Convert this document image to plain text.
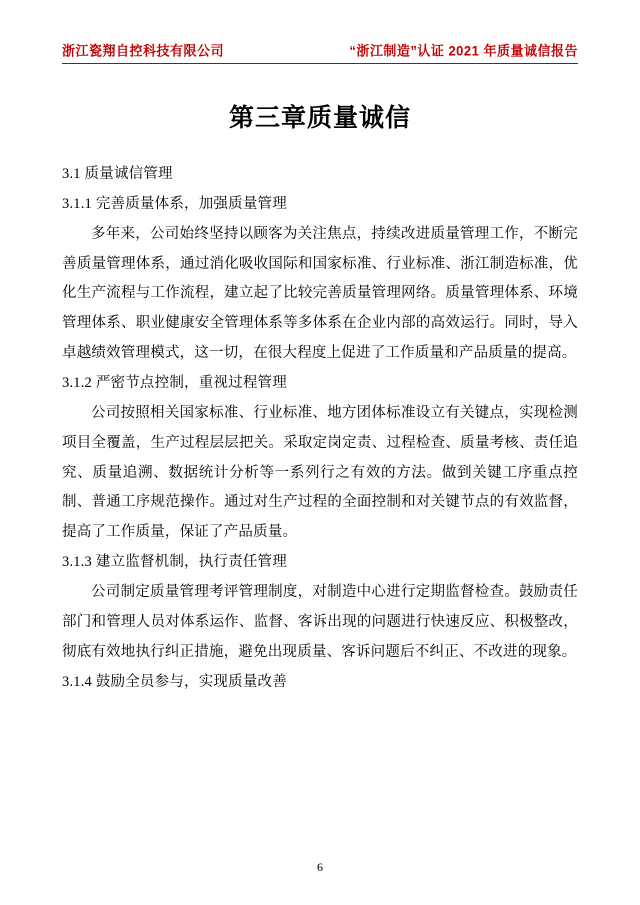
浙江瓷翔自控科技有限公司	“浙江制造”认证 2021 年质量诚信报告
第三章质量诚信
3.1 质量诚信管理
3.1.1 完善质量体系，加强质量管理

多年来，公司始终坚持以顾客为关注焦点，持续改进质量管理工作，不断完善质量管理体系，通过消化吸收国际和国家标准、行业标准、浙江制造标准，优化生产流程与工作流程，建立起了比较完善质量管理网络。质量管理体系、环境管理体系、职业健康安全管理体系等多体系在企业内部的高效运行。同时，导入卓越绩效管理模式，这一切，在很大程度上促进了工作质量和产品质量的提高。

3.1.2 严密节点控制，重视过程管理

公司按照相关国家标准、行业标准、地方团体标准设立有关键点，实现检测项目全覆盖，生产过程层层把关。采取定岗定责、过程检查、质量考核、责任追究、质量追溯、数据统计分析等一系列行之有效的方法。做到关键工序重点控制、普通工序规范操作。通过对生产过程的全面控制和对关键节点的有效监督，提高了工作质量，保证了产品质量。

3.1.3 建立监督机制，执行责任管理

公司制定质量管理考评管理制度，对制造中心进行定期监督检查。鼓励责任部门和管理人员对体系运作、监督、客诉出现的问题进行快速反应、积极整改，彻底有效地执行纠正措施，避免出现质量、客诉问题后不纠正、不改进的现象。

3.1.4 鼓励全员参与，实现质量改善
6
